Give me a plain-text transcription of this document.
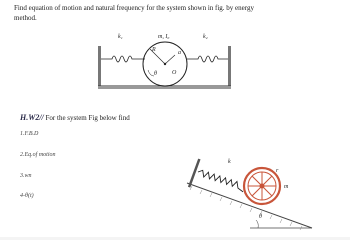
Find equation of motion and natural frequency for the system shown in fig. by energy
method.
k₁	m, I₀	k₂
R	a
O
θ
H.W2// For the system Fig below find
1.F.B.D
2.Eq.of motion
3.wn
4-θ(t)
k
r
m
θ
